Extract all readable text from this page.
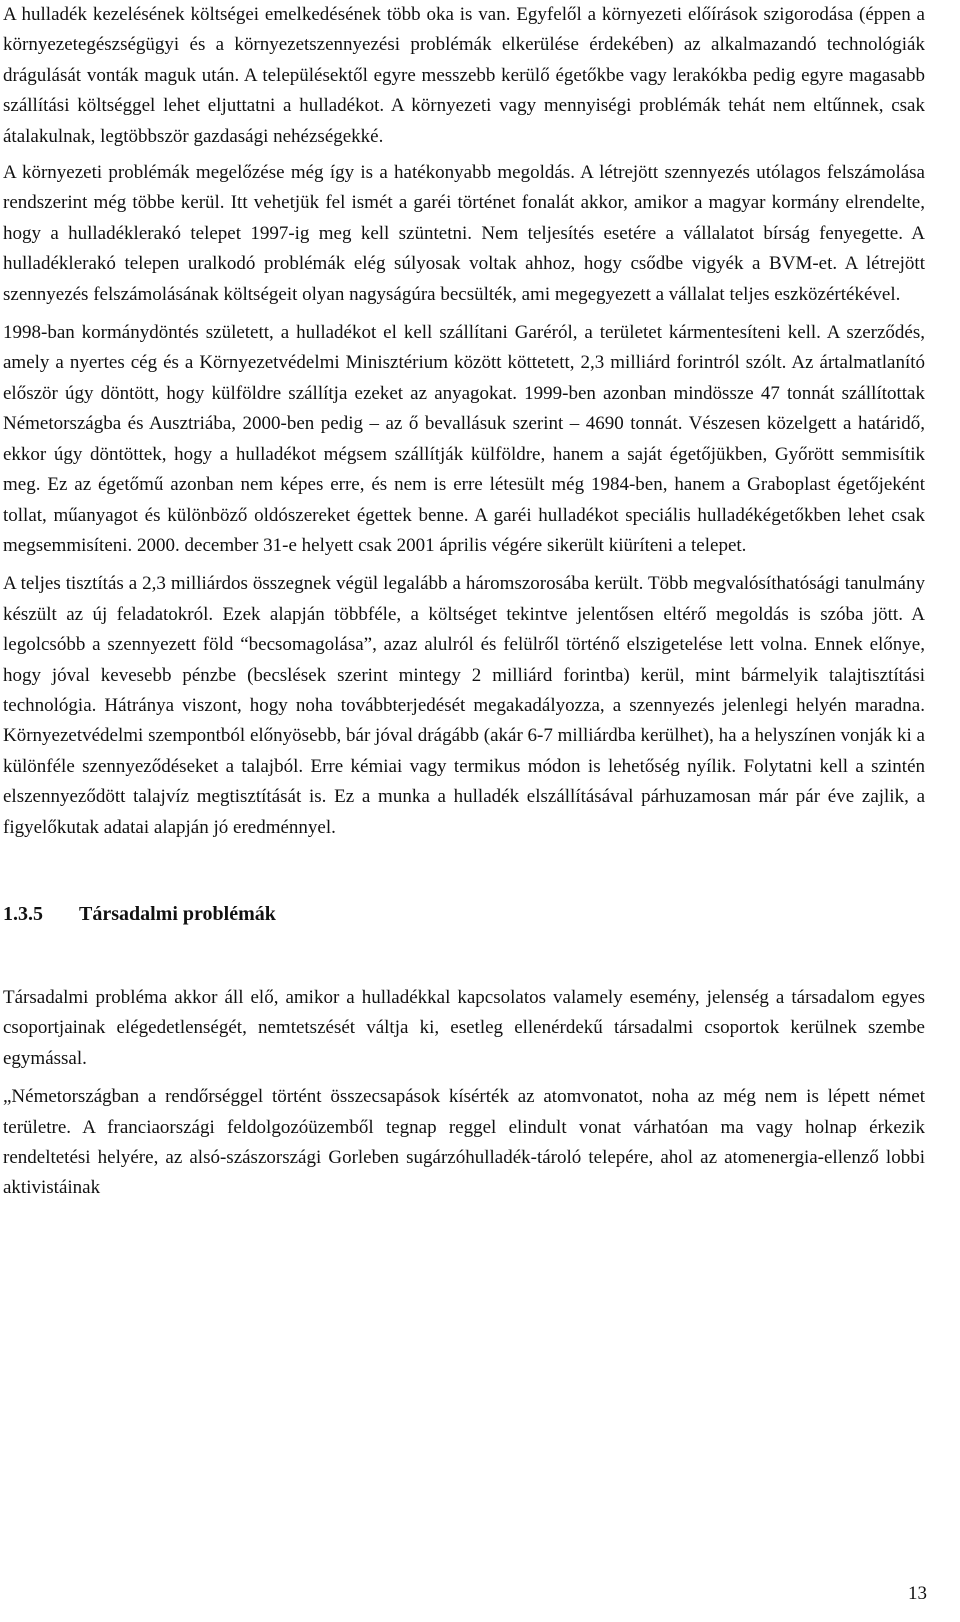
A hulladék kezelésének költségei emelkedésének több oka is van. Egyfelől a környezeti előírások szigorodása (éppen a környezetegészségügyi és a környezetszennyezési problémák elkerülése érdekében) az alkalmazandó technológiák drágulását vonták maguk után. A településektől egyre messzebb kerülő égetőkbe vagy lerakókba pedig egyre magasabb szállítási költséggel lehet eljuttatni a hulladékot. A környezeti vagy mennyiségi problémák tehát nem eltűnnek, csak átalakulnak, legtöbbször gazdasági nehézségekké.

A környezeti problémák megelőzése még így is a hatékonyabb megoldás. A létrejött szennyezés utólagos felszámolása rendszerint még többe kerül. Itt vehetjük fel ismét a garéi történet fonalát akkor, amikor a magyar kormány elrendelte, hogy a hulladéklerakó telepet 1997-ig meg kell szüntetni. Nem teljesítés esetére a vállalatot bírság fenyegette. A hulladéklerakó telepen uralkodó problémák elég súlyosak voltak ahhoz, hogy csődbe vigyék a BVM-et. A létrejött szennyezés felszámolásának költségeit olyan nagyságúra becsülték, ami megegyezett a vállalat teljes eszközértékével.

1998-ban kormánydöntés született, a hulladékot el kell szállítani Garéról, a területet kármentesíteni kell. A szerződés, amely a nyertes cég és a Környezetvédelmi Minisztérium között köttetett, 2,3 milliárd forintról szólt. Az ártalmatlanító először úgy döntött, hogy külföldre szállítja ezeket az anyagokat. 1999-ben azonban mindössze 47 tonnát szállítottak Németországba és Ausztriába, 2000-ben pedig – az ő bevallásuk szerint – 4690 tonnát. Vészesen közelgett a határidő, ekkor úgy döntöttek, hogy a hulladékot mégsem szállítják külföldre, hanem a saját égetőjükben, Győrött semmisítik meg. Ez az égetőmű azonban nem képes erre, és nem is erre létesült még 1984-ben, hanem a Graboplast égetőjeként tollat, műanyagot és különböző oldószereket égettek benne. A garéi hulladékot speciális hulladékégetőkben lehet csak megsemmisíteni. 2000. december 31-e helyett csak 2001 április végére sikerült kiüríteni a telepet.

A teljes tisztítás a 2,3 milliárdos összegnek végül legalább a háromszorosába került. Több megvalósíthatósági tanulmány készült az új feladatokról. Ezek alapján többféle, a költséget tekintve jelentősen eltérő megoldás is szóba jött. A legolcsóbb a szennyezett föld “becsomagolása”, azaz alulról és felülről történő elszigetelése lett volna. Ennek előnye, hogy jóval kevesebb pénzbe (becslések szerint mintegy 2 milliárd forintba) kerül, mint bármelyik talajtisztítási technológia. Hátránya viszont, hogy noha továbbterjedését megakadályozza, a szennyezés jelenlegi helyén maradna. Környezetvédelmi szempontból előnyösebb, bár jóval drágább (akár 6-7 milliárdba kerülhet), ha a helyszínen vonják ki a különféle szennyeződéseket a talajból. Erre kémiai vagy termikus módon is lehetőség nyílik. Folytatni kell a szintén elszennyeződött talajvíz megtisztítását is. Ez a munka a hulladék elszállításával párhuzamosan már pár éve zajlik, a figyelőkutak adatai alapján jó eredménnyel.

1.3.5	Társadalmi problémák

Társadalmi probléma akkor áll elő, amikor a hulladékkal kapcsolatos valamely esemény, jelenség a társadalom egyes csoportjainak elégedetlenségét, nemtetszését váltja ki, esetleg ellenérdekű társadalmi csoportok kerülnek szembe egymással.

„Németországban a rendőrséggel történt összecsapások kísérték az atomvonatot, noha az még nem is lépett német területre. A franciaországi feldolgozóüzemből tegnap reggel elindult vonat várhatóan ma vagy holnap érkezik rendeltetési helyére, az alsó-szászországi Gorleben sugárzóhulladék-tároló telepére, ahol az atomenergia-ellenző lobbi aktivistáinak

13
